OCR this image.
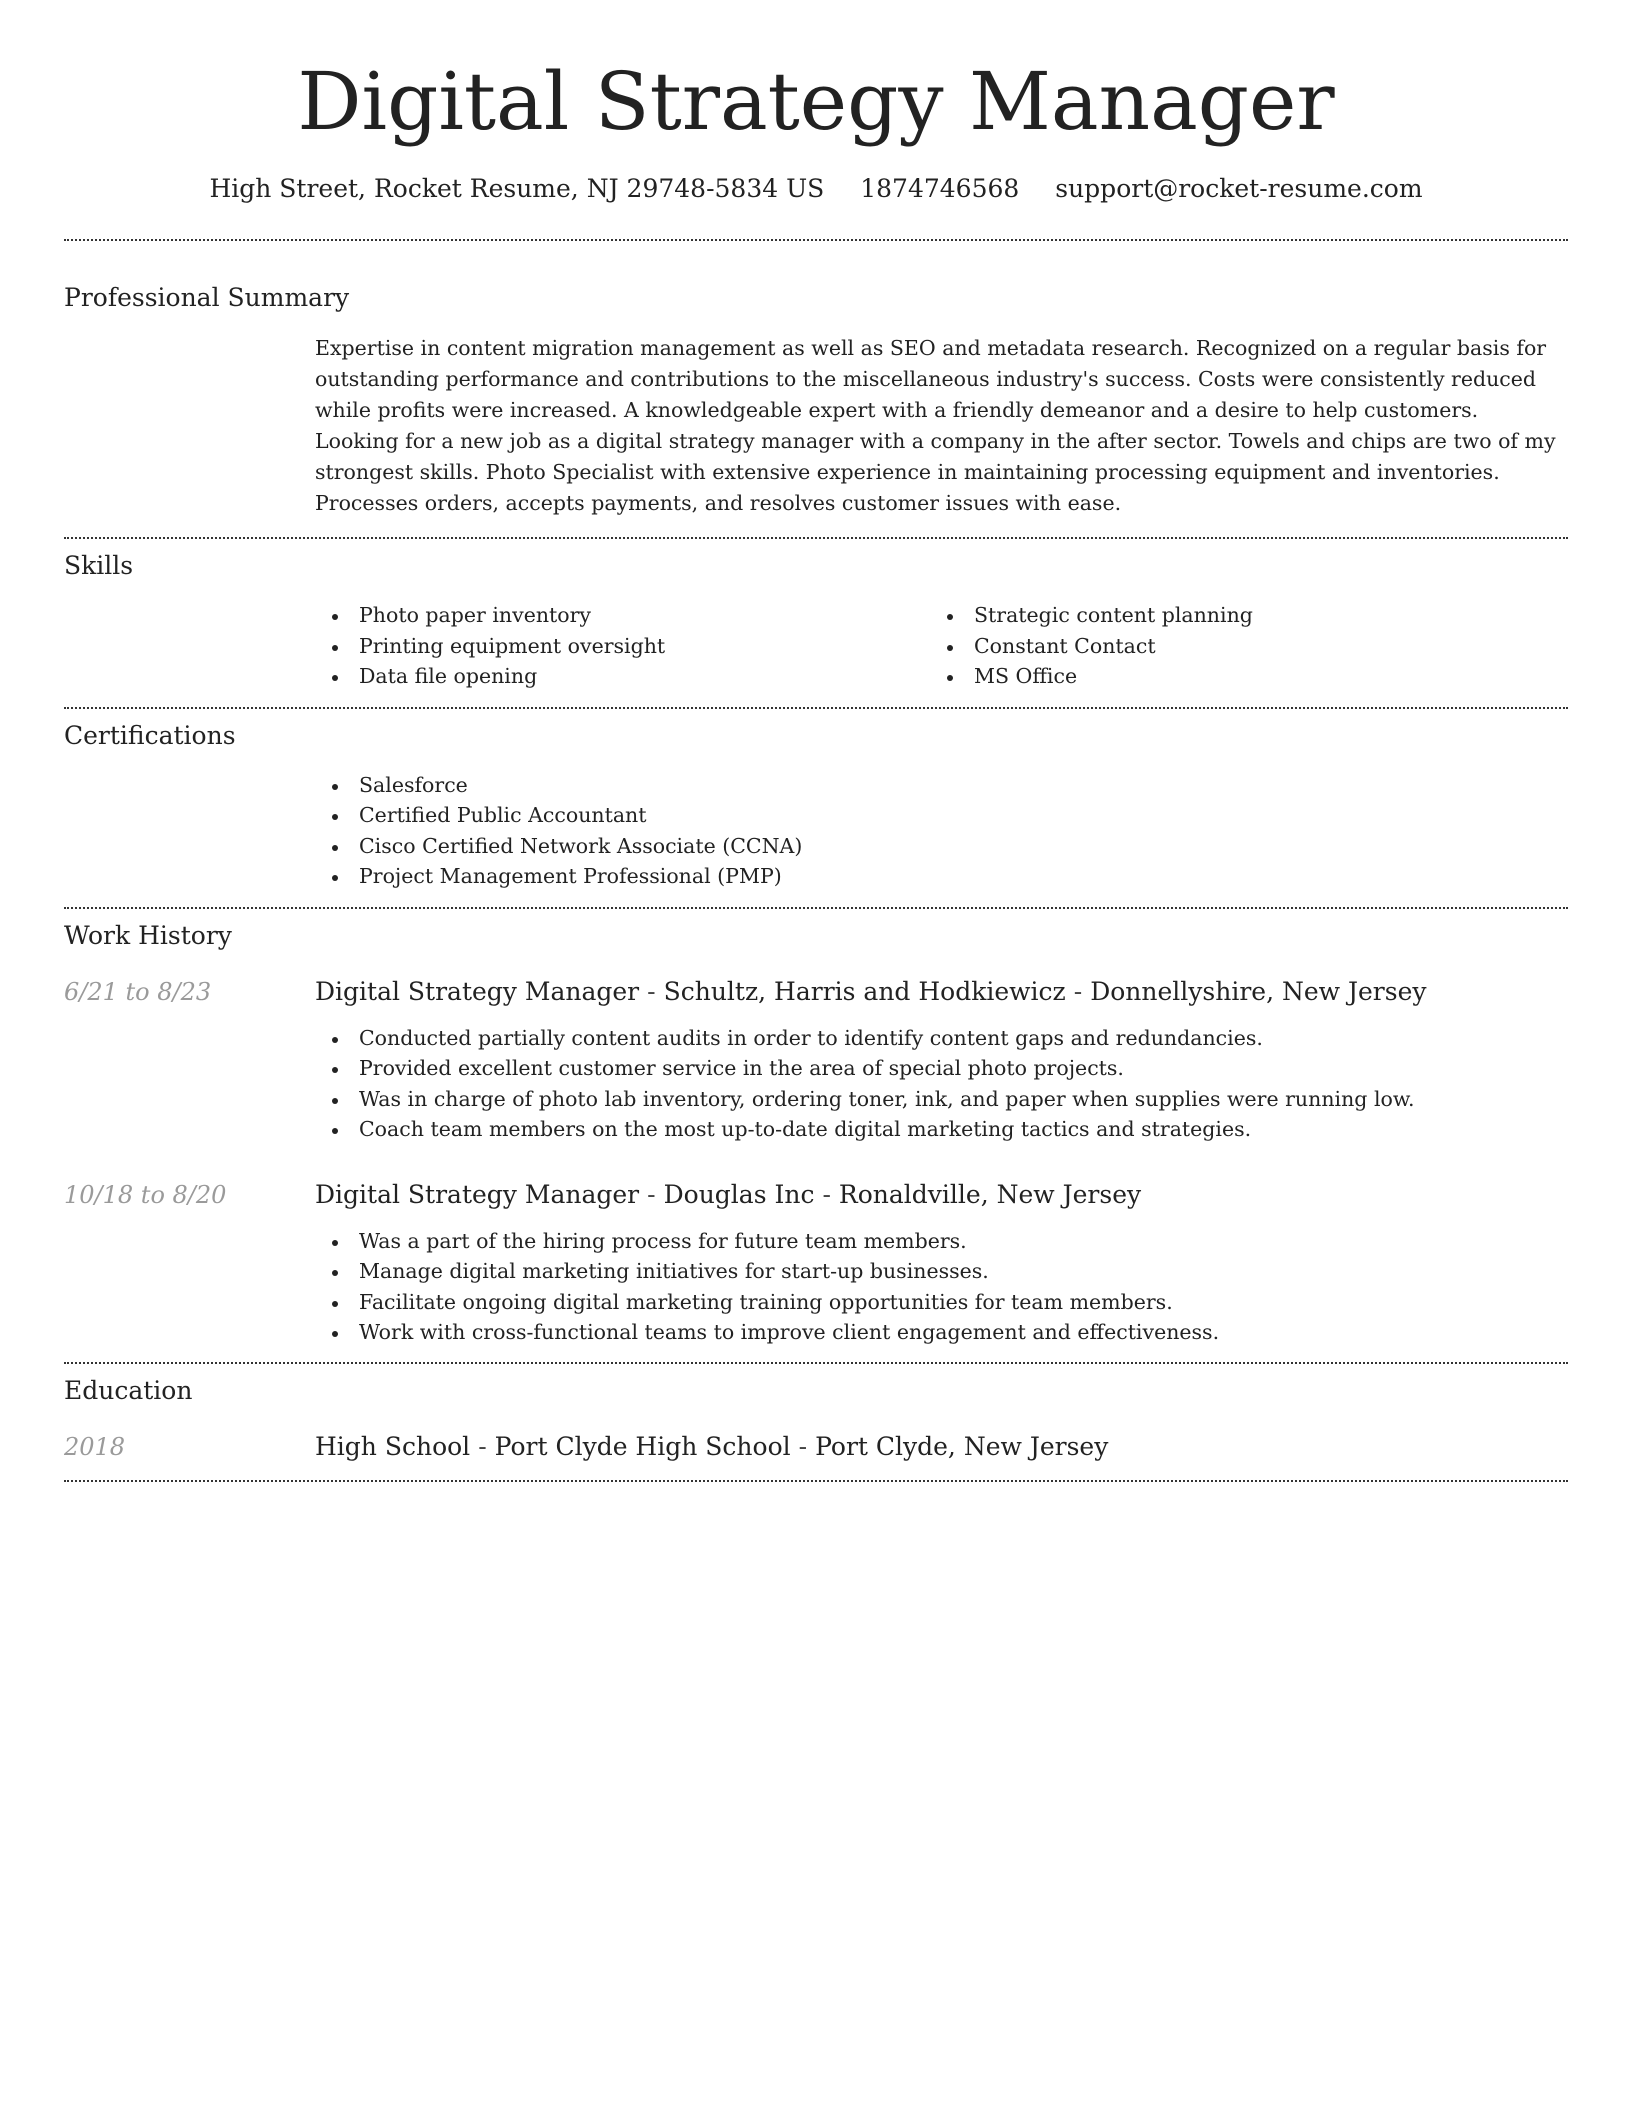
Digital Strategy Manager
High Street, Rocket Resume, NJ 29748-5834 US 1874746568 support@rocket-resume.com
Professional Summary

Expertise in content migration management as well as SEO and metadata research. Recognized on a regular basis for outstanding performance and contributions to the miscellaneous industry's success. Costs were consistently reduced while profits were increased. A knowledgeable expert with a friendly demeanor and a desire to help customers. Looking for a new job as a digital strategy manager with a company in the after sector. Towels and chips are two of my strongest skills. Photo Specialist with extensive experience in maintaining processing equipment and inventories. Processes orders, accepts payments, and resolves customer issues with ease.

Skills
Photo paper inventory
Printing equipment oversight
Data file opening
Strategic content planning
Constant Contact
MS Office
Certifications
Salesforce
Certified Public Accountant
Cisco Certified Network Associate (CCNA)
Project Management Professional (PMP)
Work History
6/21 to 8/23	Digital Strategy Manager - Schultz, Harris and Hodkiewicz - Donnellyshire, New Jersey
Conducted partially content audits in order to identify content gaps and redundancies.
Provided excellent customer service in the area of special photo projects.
Was in charge of photo lab inventory, ordering toner, ink, and paper when supplies were running low.
Coach team members on the most up-to-date digital marketing tactics and strategies.
10/18 to 8/20	Digital Strategy Manager - Douglas Inc - Ronaldville, New Jersey
Was a part of the hiring process for future team members.
Manage digital marketing initiatives for start-up businesses.
Facilitate ongoing digital marketing training opportunities for team members.
Work with cross-functional teams to improve client engagement and effectiveness.
Education
2018	High School - Port Clyde High School - Port Clyde, New Jersey
